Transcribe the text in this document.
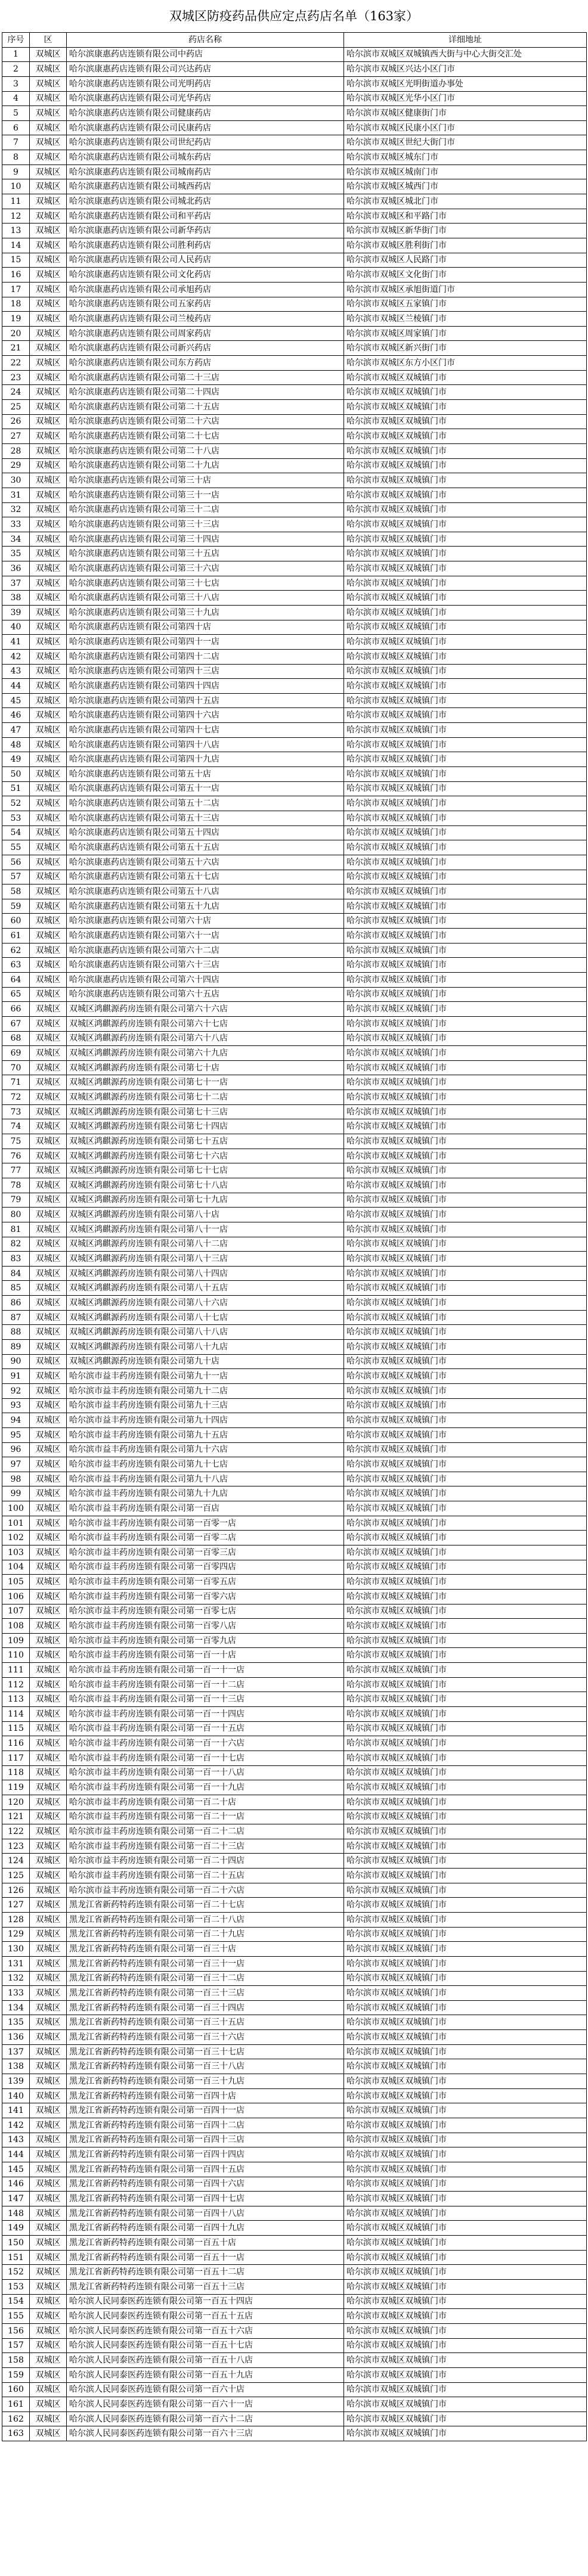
双城区防疫药品供应定点药店名单（163家）
序号	区	药店名称	详细地址
1	双城区	哈尔滨康惠药店连锁有限公司中药店	哈尔滨市双城区双城镇西大街与中心大街交汇处
2	双城区	哈尔滨康惠药店连锁有限公司兴达药店	哈尔滨市双城区兴达小区门市
3	双城区	哈尔滨康惠药店连锁有限公司光明药店	哈尔滨市双城区光明街道办事处
4	双城区	哈尔滨康惠药店连锁有限公司光华药店	哈尔滨市双城区光华小区门市
5	双城区	哈尔滨康惠药店连锁有限公司健康药店	哈尔滨市双城区健康街门市
6	双城区	哈尔滨康惠药店连锁有限公司民康药店	哈尔滨市双城区民康小区门市
7	双城区	哈尔滨康惠药店连锁有限公司世纪药店	哈尔滨市双城区世纪大街门市
8	双城区	哈尔滨康惠药店连锁有限公司城东药店	哈尔滨市双城区城东门市
9	双城区	哈尔滨康惠药店连锁有限公司城南药店	哈尔滨市双城区城南门市
10	双城区	哈尔滨康惠药店连锁有限公司城西药店	哈尔滨市双城区城西门市
11	双城区	哈尔滨康惠药店连锁有限公司城北药店	哈尔滨市双城区城北门市
12	双城区	哈尔滨康惠药店连锁有限公司和平药店	哈尔滨市双城区和平路门市
13	双城区	哈尔滨康惠药店连锁有限公司新华药店	哈尔滨市双城区新华街门市
14	双城区	哈尔滨康惠药店连锁有限公司胜利药店	哈尔滨市双城区胜利街门市
15	双城区	哈尔滨康惠药店连锁有限公司人民药店	哈尔滨市双城区人民路门市
16	双城区	哈尔滨康惠药店连锁有限公司文化药店	哈尔滨市双城区文化街门市
17	双城区	哈尔滨康惠药店连锁有限公司承旭药店	哈尔滨市双城区承旭街道门市
18	双城区	哈尔滨康惠药店连锁有限公司五家药店	哈尔滨市双城区五家镇门市
19	双城区	哈尔滨康惠药店连锁有限公司兰棱药店	哈尔滨市双城区兰棱镇门市
20	双城区	哈尔滨康惠药店连锁有限公司周家药店	哈尔滨市双城区周家镇门市
21	双城区	哈尔滨康惠药店连锁有限公司新兴药店	哈尔滨市双城区新兴街门市
22	双城区	哈尔滨康惠药店连锁有限公司东方药店	哈尔滨市双城区东方小区门市
23	双城区	哈尔滨康惠药店连锁有限公司第二十三店	哈尔滨市双城区双城镇门市
24	双城区	哈尔滨康惠药店连锁有限公司第二十四店	哈尔滨市双城区双城镇门市
25	双城区	哈尔滨康惠药店连锁有限公司第二十五店	哈尔滨市双城区双城镇门市
26	双城区	哈尔滨康惠药店连锁有限公司第二十六店	哈尔滨市双城区双城镇门市
27	双城区	哈尔滨康惠药店连锁有限公司第二十七店	哈尔滨市双城区双城镇门市
28	双城区	哈尔滨康惠药店连锁有限公司第二十八店	哈尔滨市双城区双城镇门市
29	双城区	哈尔滨康惠药店连锁有限公司第二十九店	哈尔滨市双城区双城镇门市
30	双城区	哈尔滨康惠药店连锁有限公司第三十店	哈尔滨市双城区双城镇门市
31	双城区	哈尔滨康惠药店连锁有限公司第三十一店	哈尔滨市双城区双城镇门市
32	双城区	哈尔滨康惠药店连锁有限公司第三十二店	哈尔滨市双城区双城镇门市
33	双城区	哈尔滨康惠药店连锁有限公司第三十三店	哈尔滨市双城区双城镇门市
34	双城区	哈尔滨康惠药店连锁有限公司第三十四店	哈尔滨市双城区双城镇门市
35	双城区	哈尔滨康惠药店连锁有限公司第三十五店	哈尔滨市双城区双城镇门市
36	双城区	哈尔滨康惠药店连锁有限公司第三十六店	哈尔滨市双城区双城镇门市
37	双城区	哈尔滨康惠药店连锁有限公司第三十七店	哈尔滨市双城区双城镇门市
38	双城区	哈尔滨康惠药店连锁有限公司第三十八店	哈尔滨市双城区双城镇门市
39	双城区	哈尔滨康惠药店连锁有限公司第三十九店	哈尔滨市双城区双城镇门市
40	双城区	哈尔滨康惠药店连锁有限公司第四十店	哈尔滨市双城区双城镇门市
41	双城区	哈尔滨康惠药店连锁有限公司第四十一店	哈尔滨市双城区双城镇门市
42	双城区	哈尔滨康惠药店连锁有限公司第四十二店	哈尔滨市双城区双城镇门市
43	双城区	哈尔滨康惠药店连锁有限公司第四十三店	哈尔滨市双城区双城镇门市
44	双城区	哈尔滨康惠药店连锁有限公司第四十四店	哈尔滨市双城区双城镇门市
45	双城区	哈尔滨康惠药店连锁有限公司第四十五店	哈尔滨市双城区双城镇门市
46	双城区	哈尔滨康惠药店连锁有限公司第四十六店	哈尔滨市双城区双城镇门市
47	双城区	哈尔滨康惠药店连锁有限公司第四十七店	哈尔滨市双城区双城镇门市
48	双城区	哈尔滨康惠药店连锁有限公司第四十八店	哈尔滨市双城区双城镇门市
49	双城区	哈尔滨康惠药店连锁有限公司第四十九店	哈尔滨市双城区双城镇门市
50	双城区	哈尔滨康惠药店连锁有限公司第五十店	哈尔滨市双城区双城镇门市
51	双城区	哈尔滨康惠药店连锁有限公司第五十一店	哈尔滨市双城区双城镇门市
52	双城区	哈尔滨康惠药店连锁有限公司第五十二店	哈尔滨市双城区双城镇门市
53	双城区	哈尔滨康惠药店连锁有限公司第五十三店	哈尔滨市双城区双城镇门市
54	双城区	哈尔滨康惠药店连锁有限公司第五十四店	哈尔滨市双城区双城镇门市
55	双城区	哈尔滨康惠药店连锁有限公司第五十五店	哈尔滨市双城区双城镇门市
56	双城区	哈尔滨康惠药店连锁有限公司第五十六店	哈尔滨市双城区双城镇门市
57	双城区	哈尔滨康惠药店连锁有限公司第五十七店	哈尔滨市双城区双城镇门市
58	双城区	哈尔滨康惠药店连锁有限公司第五十八店	哈尔滨市双城区双城镇门市
59	双城区	哈尔滨康惠药店连锁有限公司第五十九店	哈尔滨市双城区双城镇门市
60	双城区	哈尔滨康惠药店连锁有限公司第六十店	哈尔滨市双城区双城镇门市
61	双城区	哈尔滨康惠药店连锁有限公司第六十一店	哈尔滨市双城区双城镇门市
62	双城区	哈尔滨康惠药店连锁有限公司第六十二店	哈尔滨市双城区双城镇门市
63	双城区	哈尔滨康惠药店连锁有限公司第六十三店	哈尔滨市双城区双城镇门市
64	双城区	哈尔滨康惠药店连锁有限公司第六十四店	哈尔滨市双城区双城镇门市
65	双城区	哈尔滨康惠药店连锁有限公司第六十五店	哈尔滨市双城区双城镇门市
66	双城区	双城区鸿麒源药房连锁有限公司第六十六店	哈尔滨市双城区双城镇门市
67	双城区	双城区鸿麒源药房连锁有限公司第六十七店	哈尔滨市双城区双城镇门市
68	双城区	双城区鸿麒源药房连锁有限公司第六十八店	哈尔滨市双城区双城镇门市
69	双城区	双城区鸿麒源药房连锁有限公司第六十九店	哈尔滨市双城区双城镇门市
70	双城区	双城区鸿麒源药房连锁有限公司第七十店	哈尔滨市双城区双城镇门市
71	双城区	双城区鸿麒源药房连锁有限公司第七十一店	哈尔滨市双城区双城镇门市
72	双城区	双城区鸿麒源药房连锁有限公司第七十二店	哈尔滨市双城区双城镇门市
73	双城区	双城区鸿麒源药房连锁有限公司第七十三店	哈尔滨市双城区双城镇门市
74	双城区	双城区鸿麒源药房连锁有限公司第七十四店	哈尔滨市双城区双城镇门市
75	双城区	双城区鸿麒源药房连锁有限公司第七十五店	哈尔滨市双城区双城镇门市
76	双城区	双城区鸿麒源药房连锁有限公司第七十六店	哈尔滨市双城区双城镇门市
77	双城区	双城区鸿麒源药房连锁有限公司第七十七店	哈尔滨市双城区双城镇门市
78	双城区	双城区鸿麒源药房连锁有限公司第七十八店	哈尔滨市双城区双城镇门市
79	双城区	双城区鸿麒源药房连锁有限公司第七十九店	哈尔滨市双城区双城镇门市
80	双城区	双城区鸿麒源药房连锁有限公司第八十店	哈尔滨市双城区双城镇门市
81	双城区	双城区鸿麒源药房连锁有限公司第八十一店	哈尔滨市双城区双城镇门市
82	双城区	双城区鸿麒源药房连锁有限公司第八十二店	哈尔滨市双城区双城镇门市
83	双城区	双城区鸿麒源药房连锁有限公司第八十三店	哈尔滨市双城区双城镇门市
84	双城区	双城区鸿麒源药房连锁有限公司第八十四店	哈尔滨市双城区双城镇门市
85	双城区	双城区鸿麒源药房连锁有限公司第八十五店	哈尔滨市双城区双城镇门市
86	双城区	双城区鸿麒源药房连锁有限公司第八十六店	哈尔滨市双城区双城镇门市
87	双城区	双城区鸿麒源药房连锁有限公司第八十七店	哈尔滨市双城区双城镇门市
88	双城区	双城区鸿麒源药房连锁有限公司第八十八店	哈尔滨市双城区双城镇门市
89	双城区	双城区鸿麒源药房连锁有限公司第八十九店	哈尔滨市双城区双城镇门市
90	双城区	双城区鸿麒源药房连锁有限公司第九十店	哈尔滨市双城区双城镇门市
91	双城区	哈尔滨市益丰药房连锁有限公司第九十一店	哈尔滨市双城区双城镇门市
92	双城区	哈尔滨市益丰药房连锁有限公司第九十二店	哈尔滨市双城区双城镇门市
93	双城区	哈尔滨市益丰药房连锁有限公司第九十三店	哈尔滨市双城区双城镇门市
94	双城区	哈尔滨市益丰药房连锁有限公司第九十四店	哈尔滨市双城区双城镇门市
95	双城区	哈尔滨市益丰药房连锁有限公司第九十五店	哈尔滨市双城区双城镇门市
96	双城区	哈尔滨市益丰药房连锁有限公司第九十六店	哈尔滨市双城区双城镇门市
97	双城区	哈尔滨市益丰药房连锁有限公司第九十七店	哈尔滨市双城区双城镇门市
98	双城区	哈尔滨市益丰药房连锁有限公司第九十八店	哈尔滨市双城区双城镇门市
99	双城区	哈尔滨市益丰药房连锁有限公司第九十九店	哈尔滨市双城区双城镇门市
100	双城区	哈尔滨市益丰药房连锁有限公司第一百店	哈尔滨市双城区双城镇门市
101	双城区	哈尔滨市益丰药房连锁有限公司第一百零一店	哈尔滨市双城区双城镇门市
102	双城区	哈尔滨市益丰药房连锁有限公司第一百零二店	哈尔滨市双城区双城镇门市
103	双城区	哈尔滨市益丰药房连锁有限公司第一百零三店	哈尔滨市双城区双城镇门市
104	双城区	哈尔滨市益丰药房连锁有限公司第一百零四店	哈尔滨市双城区双城镇门市
105	双城区	哈尔滨市益丰药房连锁有限公司第一百零五店	哈尔滨市双城区双城镇门市
106	双城区	哈尔滨市益丰药房连锁有限公司第一百零六店	哈尔滨市双城区双城镇门市
107	双城区	哈尔滨市益丰药房连锁有限公司第一百零七店	哈尔滨市双城区双城镇门市
108	双城区	哈尔滨市益丰药房连锁有限公司第一百零八店	哈尔滨市双城区双城镇门市
109	双城区	哈尔滨市益丰药房连锁有限公司第一百零九店	哈尔滨市双城区双城镇门市
110	双城区	哈尔滨市益丰药房连锁有限公司第一百一十店	哈尔滨市双城区双城镇门市
111	双城区	哈尔滨市益丰药房连锁有限公司第一百一十一店	哈尔滨市双城区双城镇门市
112	双城区	哈尔滨市益丰药房连锁有限公司第一百一十二店	哈尔滨市双城区双城镇门市
113	双城区	哈尔滨市益丰药房连锁有限公司第一百一十三店	哈尔滨市双城区双城镇门市
114	双城区	哈尔滨市益丰药房连锁有限公司第一百一十四店	哈尔滨市双城区双城镇门市
115	双城区	哈尔滨市益丰药房连锁有限公司第一百一十五店	哈尔滨市双城区双城镇门市
116	双城区	哈尔滨市益丰药房连锁有限公司第一百一十六店	哈尔滨市双城区双城镇门市
117	双城区	哈尔滨市益丰药房连锁有限公司第一百一十七店	哈尔滨市双城区双城镇门市
118	双城区	哈尔滨市益丰药房连锁有限公司第一百一十八店	哈尔滨市双城区双城镇门市
119	双城区	哈尔滨市益丰药房连锁有限公司第一百一十九店	哈尔滨市双城区双城镇门市
120	双城区	哈尔滨市益丰药房连锁有限公司第一百二十店	哈尔滨市双城区双城镇门市
121	双城区	哈尔滨市益丰药房连锁有限公司第一百二十一店	哈尔滨市双城区双城镇门市
122	双城区	哈尔滨市益丰药房连锁有限公司第一百二十二店	哈尔滨市双城区双城镇门市
123	双城区	哈尔滨市益丰药房连锁有限公司第一百二十三店	哈尔滨市双城区双城镇门市
124	双城区	哈尔滨市益丰药房连锁有限公司第一百二十四店	哈尔滨市双城区双城镇门市
125	双城区	哈尔滨市益丰药房连锁有限公司第一百二十五店	哈尔滨市双城区双城镇门市
126	双城区	哈尔滨市益丰药房连锁有限公司第一百二十六店	哈尔滨市双城区双城镇门市
127	双城区	黑龙江省新药特药连锁有限公司第一百二十七店	哈尔滨市双城区双城镇门市
128	双城区	黑龙江省新药特药连锁有限公司第一百二十八店	哈尔滨市双城区双城镇门市
129	双城区	黑龙江省新药特药连锁有限公司第一百二十九店	哈尔滨市双城区双城镇门市
130	双城区	黑龙江省新药特药连锁有限公司第一百三十店	哈尔滨市双城区双城镇门市
131	双城区	黑龙江省新药特药连锁有限公司第一百三十一店	哈尔滨市双城区双城镇门市
132	双城区	黑龙江省新药特药连锁有限公司第一百三十二店	哈尔滨市双城区双城镇门市
133	双城区	黑龙江省新药特药连锁有限公司第一百三十三店	哈尔滨市双城区双城镇门市
134	双城区	黑龙江省新药特药连锁有限公司第一百三十四店	哈尔滨市双城区双城镇门市
135	双城区	黑龙江省新药特药连锁有限公司第一百三十五店	哈尔滨市双城区双城镇门市
136	双城区	黑龙江省新药特药连锁有限公司第一百三十六店	哈尔滨市双城区双城镇门市
137	双城区	黑龙江省新药特药连锁有限公司第一百三十七店	哈尔滨市双城区双城镇门市
138	双城区	黑龙江省新药特药连锁有限公司第一百三十八店	哈尔滨市双城区双城镇门市
139	双城区	黑龙江省新药特药连锁有限公司第一百三十九店	哈尔滨市双城区双城镇门市
140	双城区	黑龙江省新药特药连锁有限公司第一百四十店	哈尔滨市双城区双城镇门市
141	双城区	黑龙江省新药特药连锁有限公司第一百四十一店	哈尔滨市双城区双城镇门市
142	双城区	黑龙江省新药特药连锁有限公司第一百四十二店	哈尔滨市双城区双城镇门市
143	双城区	黑龙江省新药特药连锁有限公司第一百四十三店	哈尔滨市双城区双城镇门市
144	双城区	黑龙江省新药特药连锁有限公司第一百四十四店	哈尔滨市双城区双城镇门市
145	双城区	黑龙江省新药特药连锁有限公司第一百四十五店	哈尔滨市双城区双城镇门市
146	双城区	黑龙江省新药特药连锁有限公司第一百四十六店	哈尔滨市双城区双城镇门市
147	双城区	黑龙江省新药特药连锁有限公司第一百四十七店	哈尔滨市双城区双城镇门市
148	双城区	黑龙江省新药特药连锁有限公司第一百四十八店	哈尔滨市双城区双城镇门市
149	双城区	黑龙江省新药特药连锁有限公司第一百四十九店	哈尔滨市双城区双城镇门市
150	双城区	黑龙江省新药特药连锁有限公司第一百五十店	哈尔滨市双城区双城镇门市
151	双城区	黑龙江省新药特药连锁有限公司第一百五十一店	哈尔滨市双城区双城镇门市
152	双城区	黑龙江省新药特药连锁有限公司第一百五十二店	哈尔滨市双城区双城镇门市
153	双城区	黑龙江省新药特药连锁有限公司第一百五十三店	哈尔滨市双城区双城镇门市
154	双城区	哈尔滨人民同泰医药连锁有限公司第一百五十四店	哈尔滨市双城区双城镇门市
155	双城区	哈尔滨人民同泰医药连锁有限公司第一百五十五店	哈尔滨市双城区双城镇门市
156	双城区	哈尔滨人民同泰医药连锁有限公司第一百五十六店	哈尔滨市双城区双城镇门市
157	双城区	哈尔滨人民同泰医药连锁有限公司第一百五十七店	哈尔滨市双城区双城镇门市
158	双城区	哈尔滨人民同泰医药连锁有限公司第一百五十八店	哈尔滨市双城区双城镇门市
159	双城区	哈尔滨人民同泰医药连锁有限公司第一百五十九店	哈尔滨市双城区双城镇门市
160	双城区	哈尔滨人民同泰医药连锁有限公司第一百六十店	哈尔滨市双城区双城镇门市
161	双城区	哈尔滨人民同泰医药连锁有限公司第一百六十一店	哈尔滨市双城区双城镇门市
162	双城区	哈尔滨人民同泰医药连锁有限公司第一百六十二店	哈尔滨市双城区双城镇门市
163	双城区	哈尔滨人民同泰医药连锁有限公司第一百六十三店	哈尔滨市双城区双城镇门市
